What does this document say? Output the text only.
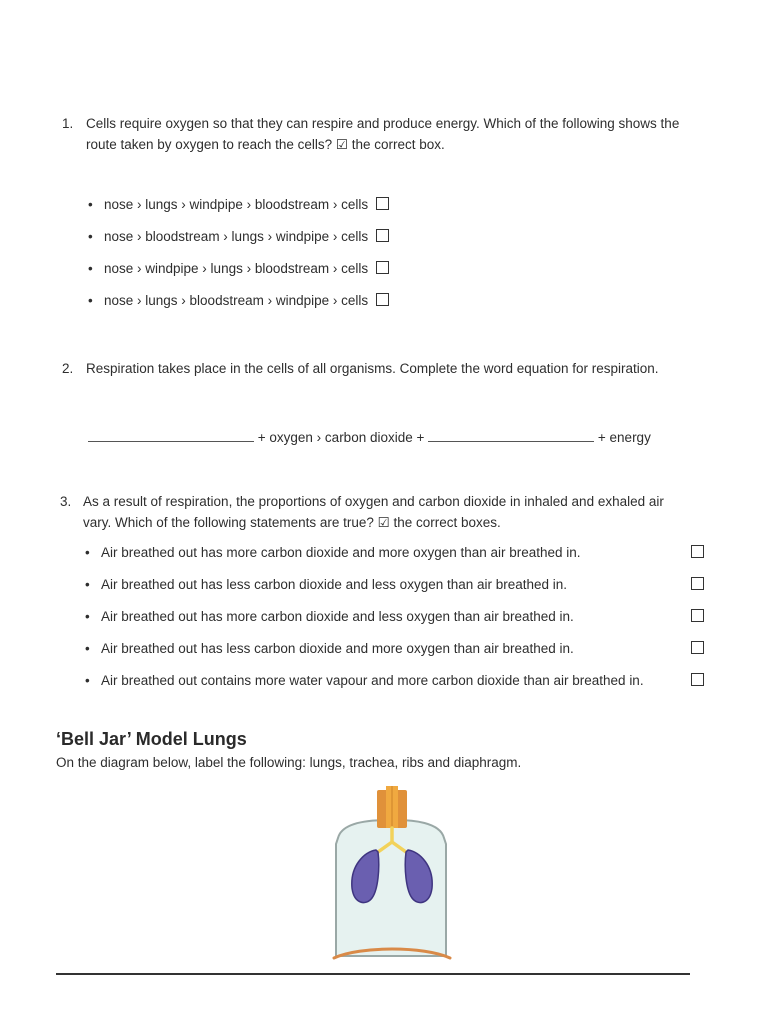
1. Cells require oxygen so that they can respire and produce energy. Which of the following shows the
route taken by oxygen to reach the cells? ☑ the correct box.
• nose › lungs › windpipe › bloodstream › cells
• nose › bloodstream › lungs › windpipe › cells
• nose › windpipe › lungs › bloodstream › cells
• nose › lungs › bloodstream › windpipe › cells
2. Respiration takes place in the cells of all organisms. Complete the word equation for respiration.
+ oxygen › carbon dioxide +	+ energy
3. As a result of respiration, the proportions of oxygen and carbon dioxide in inhaled and exhaled air
vary. Which of the following statements are true? ☑ the correct boxes.
• Air breathed out has more carbon dioxide and more oxygen than air breathed in.
• Air breathed out has less carbon dioxide and less oxygen than air breathed in.
• Air breathed out has more carbon dioxide and less oxygen than air breathed in.
• Air breathed out has less carbon dioxide and more oxygen than air breathed in.
• Air breathed out contains more water vapour and more carbon dioxide than air breathed in.
‘Bell Jar’ Model Lungs
On the diagram below, label the following: lungs, trachea, ribs and diaphragm.
